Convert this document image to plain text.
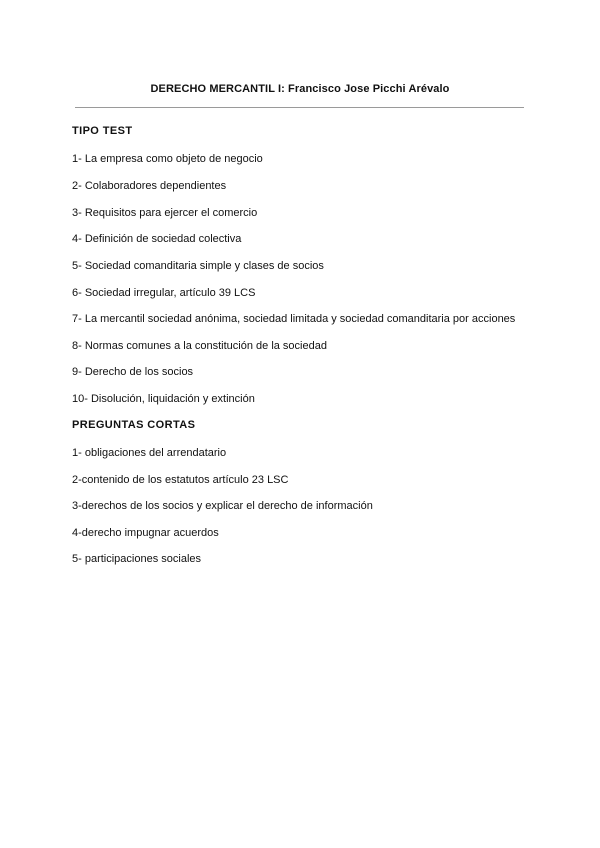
DERECHO MERCANTIL I: Francisco Jose Picchi Arévalo
TIPO TEST
1- La empresa como objeto de negocio
2- Colaboradores dependientes
3- Requisitos para ejercer el comercio
4- Definición de sociedad colectiva
5- Sociedad comanditaria simple y clases de socios
6- Sociedad irregular, artículo 39 LCS
7- La mercantil sociedad anónima, sociedad limitada y sociedad comanditaria por acciones
8- Normas comunes a la constitución de la sociedad
9- Derecho de los socios
10- Disolución, liquidación y extinción
PREGUNTAS CORTAS
1- obligaciones del arrendatario
2-contenido de los estatutos artículo 23 LSC
3-derechos de los socios y explicar el derecho de información
4-derecho impugnar acuerdos
5- participaciones sociales
